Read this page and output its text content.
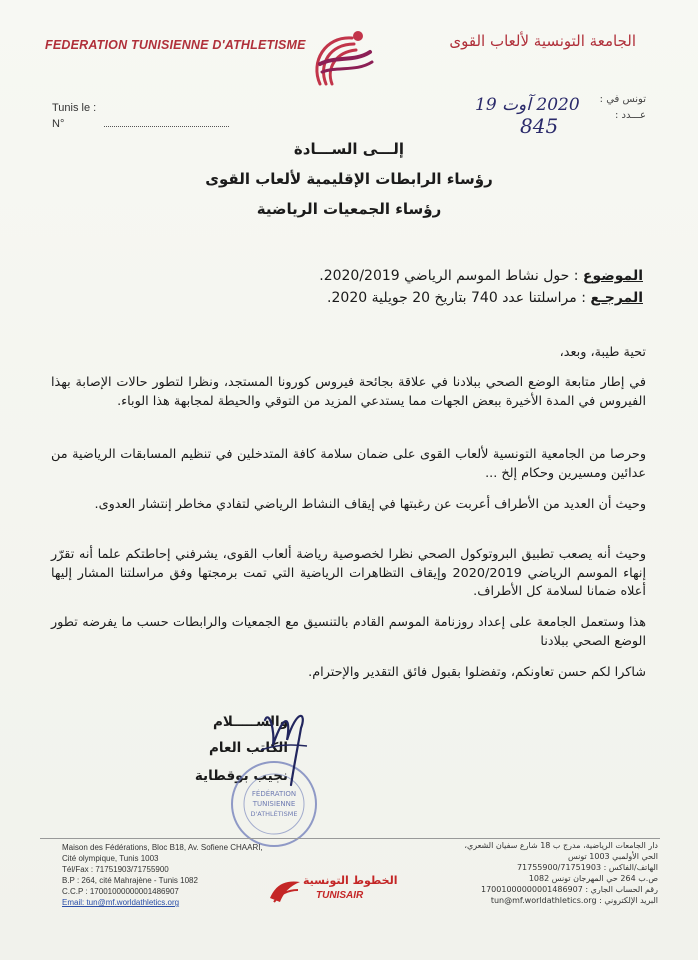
FEDERATION TUNISIENNE D'ATHLETISME	الجامعة التونسية لألعاب القوى
Tunis le :
N°
تونس في :
عـــدد :
2020 آوت 19
845
إلـــى الســـادة
رؤساء الرابطات الإقليمية لألعاب القوى
رؤساء الجمعيات الرياضية
الموضوع : حول نشاط الموسم الرياضي 2020/2019.
المرجـع : مراسلتنا عدد 740 بتاريخ 20 جويلية 2020.
تحية طيبة، وبعد،
في إطار متابعة الوضع الصحي ببلادنا في علاقة بجائحة فيروس كورونا المستجد، ونظرا لتطور حالات الإصابة بهذا الفيروس في المدة الأخيرة ببعض الجهات مما يستدعي المزيد من التوقي والحيطة لمجابهة هذا الوباء.
وحرصا من الجامعية التونسية لألعاب القوى على ضمان سلامة كافة المتدخلين في تنظيم المسابقات الرياضية من عدائين ومسيرين وحكام إلخ ...
وحيث أن العديد من الأطراف أعربت عن رغبتها في إيقاف النشاط الرياضي لتفادي مخاطر إنتشار العدوى.
وحيث أنه يصعب تطبيق البروتوكول الصحي نظرا لخصوصية رياضة ألعاب القوى، يشرفني إحاطتكم علما أنه تقرّر إنهاء الموسم الرياضي 2020/2019 وإيقاف التظاهرات الرياضية التي تمت برمجتها وفق مراسلتنا المشار إليها أعلاه ضمانا لسلامة كل الأطراف.
هذا وستعمل الجامعة على إعداد روزنامة الموسم القادم بالتنسيق مع الجمعيات والرابطات حسب ما يفرضه تطور الوضع الصحي ببلادنا
شاكرا لكم حسن تعاونكم، وتفضلوا بقبول فائق التقدير والإحترام.
والســـــلام
الكاتب العام
نجيب بوقطاية
FÉDÉRATION
TUNISIENNE
D'ATHLÉTISME
Maison des Fédérations, Bloc B18, Av. Sofiene CHAARI,
Cité olympique, Tunis 1003
Tél/Fax : 71751903/71755900
B.P : 264, cité Mahrajène - Tunis 1082
C.C.P : 17001000000001486907
Email: tun@mf.worldathletics.org
دار الجامعات الرياضية، مدرج ب 18 شارع سفيان الشعري،
الحي الأولمبي 1003 تونس
الهاتف/الفاكس : 71755900/71751903
ص.ب 264 حي المهرجان تونس 1082
رقم الحساب الجاري : 17001000000001486907
البريد الإلكتروني : tun@mf.worldathletics.org
الخطوط التونسية
TUNISAIR
